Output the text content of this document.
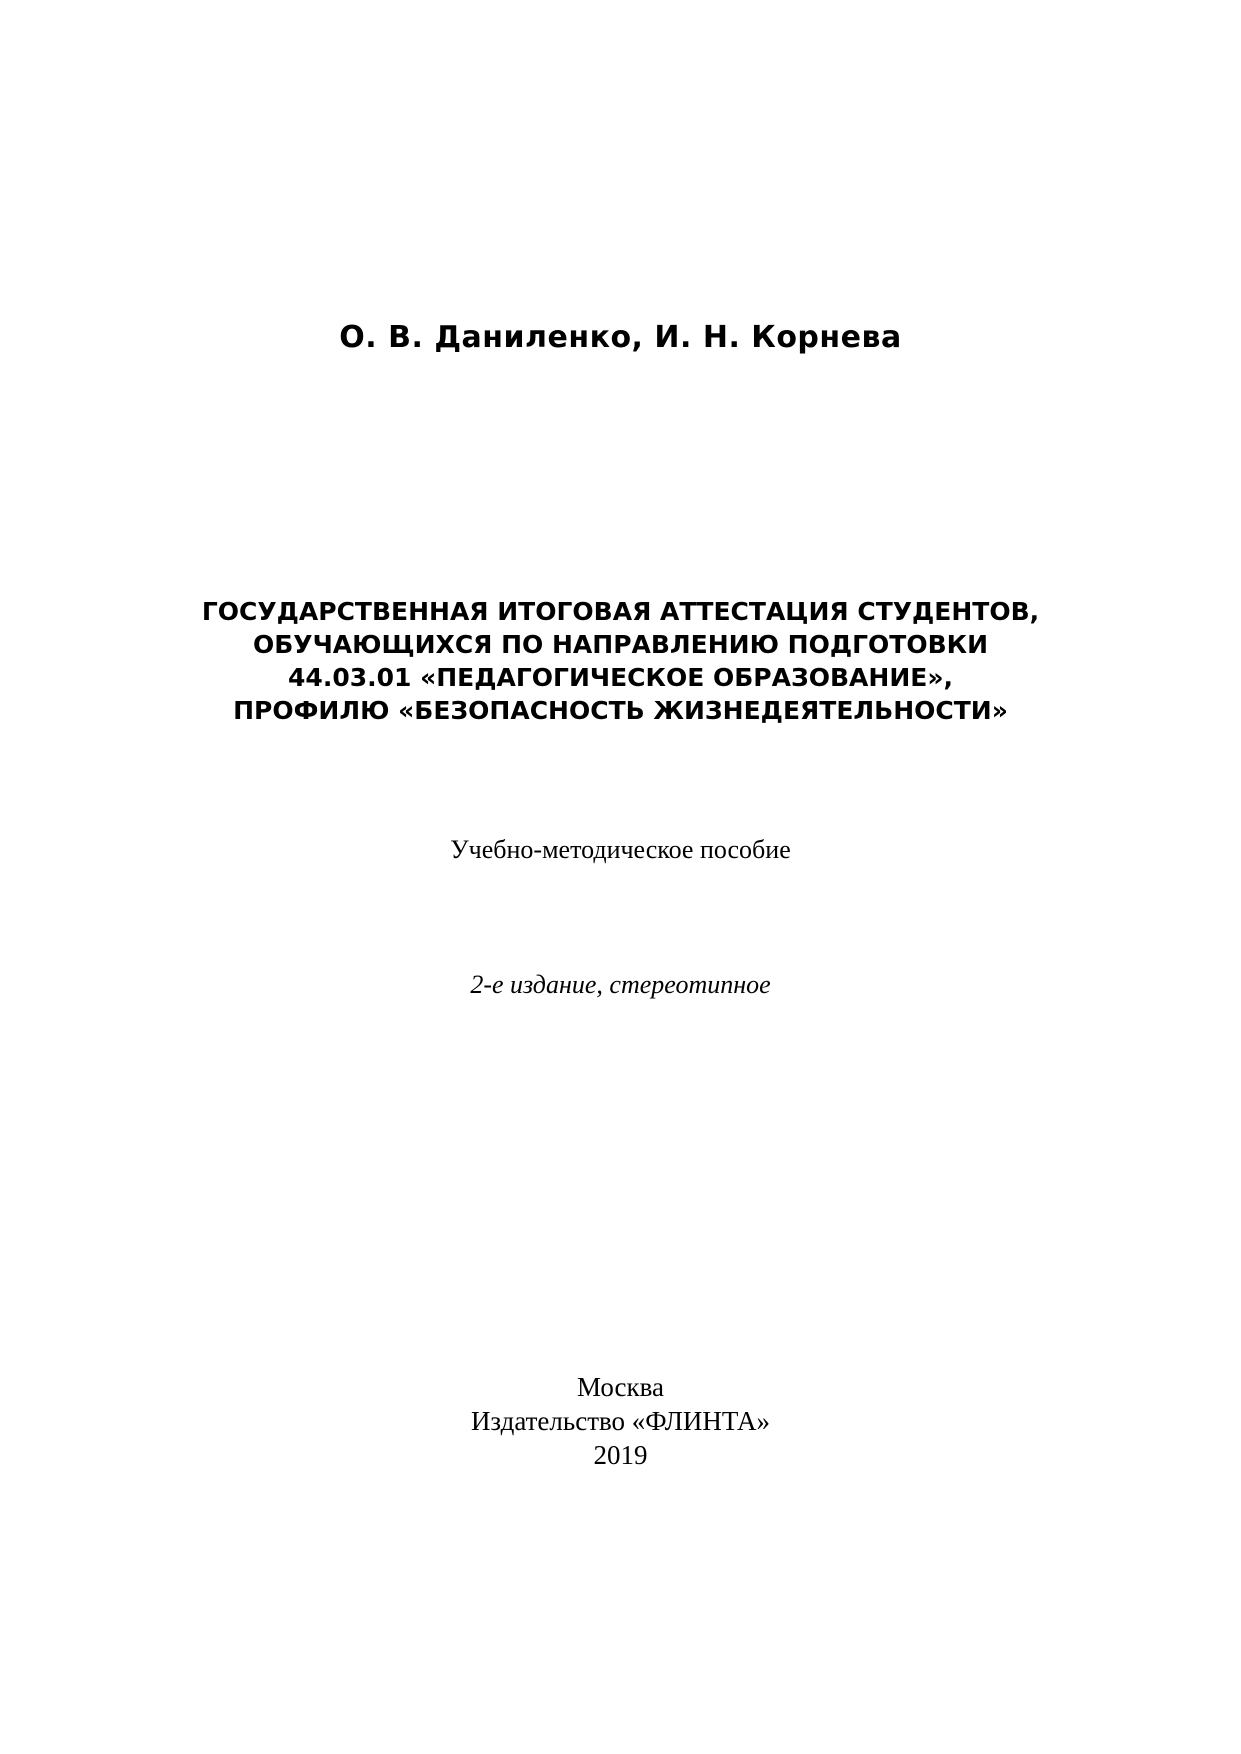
О. В. Даниленко, И. Н. Корнева
ГОСУДАРСТВЕННАЯ ИТОГОВАЯ АТТЕСТАЦИЯ СТУДЕНТОВ,
ОБУЧАЮЩИХСЯ ПО НАПРАВЛЕНИЮ ПОДГОТОВКИ
44.03.01 «ПЕДАГОГИЧЕСКОЕ ОБРАЗОВАНИЕ»,
ПРОФИЛЮ «БЕЗОПАСНОСТЬ ЖИЗНЕДЕЯТЕЛЬНОСТИ»
Учебно-методическое пособие
2-е издание, стереотипное
Москва
Издательство «ФЛИНТА»
2019
